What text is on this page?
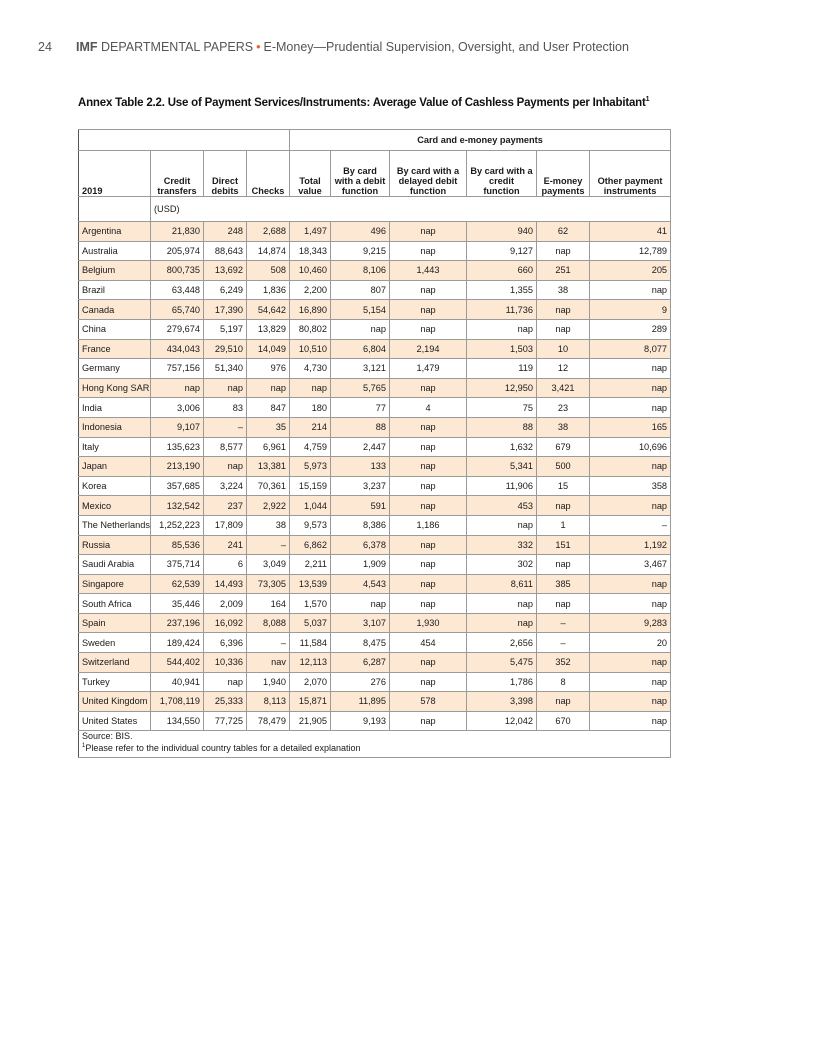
24 IMF DEPARTMENTAL PAPERS • E-Money—Prudential Supervision, Oversight, and User Protection
Annex Table 2.2. Use of Payment Services/Instruments: Average Value of Cashless Payments per Inhabitant$^1$
				Card and e-money payments					
2019	Credit transfers	Direct debits	Checks	Total value	By card with a debit function	By card with a delayed debit function	By card with a credit function	E-money payments	Other payment instruments
	(USD)								
Argentina	21,830	248	2,688	1,497	496	nap	940	62	41
Australia	205,974	88,643	14,874	18,343	9,215	nap	9,127	nap	12,789
Belgium	800,735	13,692	508	10,460	8,106	1,443	660	251	205
Brazil	63,448	6,249	1,836	2,200	807	nap	1,355	38	nap
Canada	65,740	17,390	54,642	16,890	5,154	nap	11,736	nap	9
China	279,674	5,197	13,829	80,802	nap	nap	nap	nap	289
France	434,043	29,510	14,049	10,510	6,804	2,194	1,503	10	8,077
Germany	757,156	51,340	976	4,730	3,121	1,479	119	12	nap
Hong Kong SAR	nap	nap	nap	nap	5,765	nap	12,950	3,421	nap
India	3,006	83	847	180	77	4	75	23	nap
Indonesia	9,107	–	35	214	88	nap	88	38	165
Italy	135,623	8,577	6,961	4,759	2,447	nap	1,632	679	10,696
Japan	213,190	nap	13,381	5,973	133	nap	5,341	500	nap
Korea	357,685	3,224	70,361	15,159	3,237	nap	11,906	15	358
Mexico	132,542	237	2,922	1,044	591	nap	453	nap	nap
The Netherlands	1,252,223	17,809	38	9,573	8,386	1,186	nap	1	–
Russia	85,536	241	–	6,862	6,378	nap	332	151	1,192
Saudi Arabia	375,714	6	3,049	2,211	1,909	nap	302	nap	3,467
Singapore	62,539	14,493	73,305	13,539	4,543	nap	8,611	385	nap
South Africa	35,446	2,009	164	1,570	nap	nap	nap	nap	nap
Spain	237,196	16,092	8,088	5,037	3,107	1,930	nap	–	9,283
Sweden	189,424	6,396	–	11,584	8,475	454	2,656	–	20
Switzerland	544,402	10,336	nav	12,113	6,287	nap	5,475	352	nap
Turkey	40,941	nap	1,940	2,070	276	nap	1,786	8	nap
United Kingdom	1,708,119	25,333	8,113	15,871	11,895	578	3,398	nap	nap
United States	134,550	77,725	78,479	21,905	9,193	nap	12,042	670	nap

Source: BIS.
$^1$Please refer to the individual country tables for a detailed explanation									
